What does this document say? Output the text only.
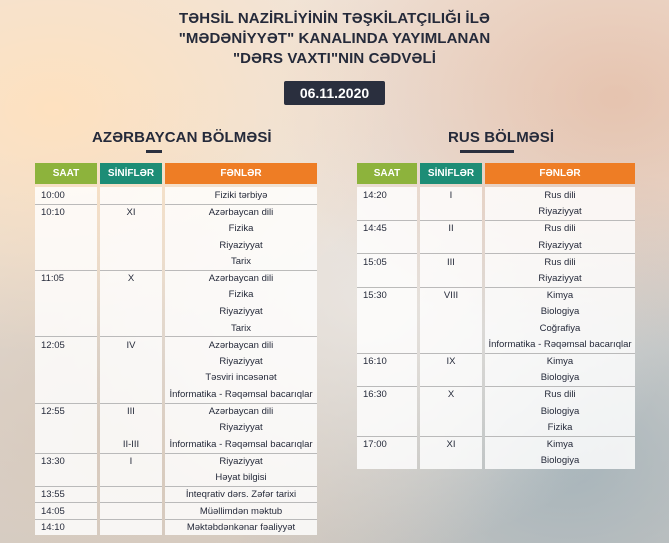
TƏHSİL NAZİRLİYİNİN TƏŞKİLATÇILIĞI İLƏ
"MƏDƏNİYYƏT" KANALINDA YAYIMLANAN
"DƏRS VAXTI"NIN CƏDVƏLİ
06.11.2020
AZƏRBAYCAN BÖLMƏSİ	RUS BÖLMƏSİ
SAAT	SİNİFLƏR	FƏNLƏR
10:00		Fiziki tərbiyə
10:10	XI	Azərbaycan dili
		Fizika
		Riyaziyyat
		Tarix
11:05	X	Azərbaycan dili
		Fizika
		Riyaziyyat
		Tarix
12:05	IV	Azərbaycan dili
		Riyaziyyat
		Təsviri incəsənət
		İnformatika - Rəqəmsal bacarıqlar
12:55	III	Azərbaycan dili
		Riyaziyyat
	II-III	İnformatika - Rəqəmsal bacarıqlar
13:30	I	Riyaziyyat
		Həyat bilgisi
13:55		İnteqrativ dərs. Zəfər tarixi
14:05		Müəllimdən məktub
14:10		Məktəbdənkənar fəaliyyət
SAAT	SİNİFLƏR	FƏNLƏR
14:20	I	Rus dili
		Riyaziyyat
14:45	II	Rus dili
		Riyaziyyat
15:05	III	Rus dili
		Riyaziyyat
15:30	VIII	Kimya
		Biologiya
		Coğrafiya
		İnformatika - Rəqəmsal bacarıqlar
16:10	IX	Kimya
		Biologiya
16:30	X	Rus dili
		Biologiya
		Fizika
17:00	XI	Kimya
		Biologiya
